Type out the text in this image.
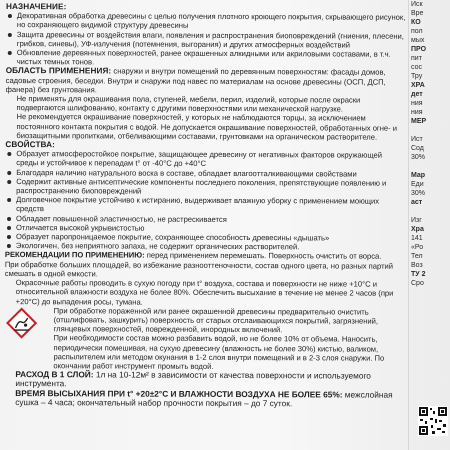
НАЗНАЧЕНИЕ:
Декоративная обработка древесины с целью получения плотного кроющего покрытия, скрывающего рисунок, но сохраняющего видимой структуру древесины
Защита древесины от воздействия влаги, появления и распространения биоповреждений (гниения, плесени, грибков, синевы), УФ-излучения (потемнения, выгорания) и других атмосферных воздействий
Обновление деревянных поверхностей, ранее окрашенных алкидными или акриловыми составами, в т.ч. чистых темных тонов.

ОБЛАСТЬ ПРИМЕНЕНИЯ: снаружи и внутри помещений по деревянным поверхностям: фасады домов, садовые строения, беседки. Внутри и снаружи под навес по материалам на основе древесины (ОСП, ДСП, фанера) без грунтования.

Не применять для окрашивания пола, ступеней, мебели, перил, изделий, которые после окраски подвергаются шлифованию, контакту с другими поверхностями или механической нагрузке.

Не рекомендуется окрашивание поверхностей, у которых не наблюдаются торцы, за исключением постоянного контакта покрытия с водой. Не допускается окрашивание поверхностей, обработанных огне- и биозащитными пропитками, отбеливающими составами, грунтовками на органическом растворителе.

СВОЙСТВА:
Образует атмосферостойкое покрытие, защищающее древесину от негативных факторов окружающей среды и устойчивое к перепадам t° от -40°С до +40°С
Благодаря наличию натурального воска в составе, обладает влагоотталкивающими свойствами
Содержит активные антисептические компоненты последнего поколения, препятствующие появлению и распространению биоповреждений
Долговечное покрытие устойчиво к истиранию, выдерживает влажную уборку с применением моющих средств
Обладает повышенной эластичностью, не растрескивается
Отличается высокой укрывистостью
Образует паропроницаемое покрытие, сохраняющее способность древесины «дышать»
Экологичен, без неприятного запаха, не содержит органических растворителей.

РЕКОМЕНДАЦИИ ПО ПРИМЕНЕНИЮ: перед применением перемешать. Поверхность очистить от ворса.

При обработке больших площадей, во избежание разнооттеночности, состав одного цвета, но разных партий смешать в одной емкости.

Окрасочные работы проводить в сухую погоду при t° воздуха, состава и поверхности не ниже +10°С и относительной влажности воздуха не более 80%. Обеспечить высыхание в течение не менее 2 часов (при +20°С) до выпадения росы, тумана.

При обработке пораженной или ранее окрашенной древесины предварительно очистить (отшлифовать, зашкурить) поверхность от старых отслаивающихся покрытий, загрязнений, глянцевых поверхностей, поврежденной, инородных включений.

При необходимости состав можно разбавить водой, но не более 10% от объема. Наносить, периодически помешивая, на сухую древесину (влажность не более 30%) кистью, валиком, распылителем или методом окунания в 1-2 слоя внутри помещений и в 2-3 слоя снаружи. По окончании работ инструмент промыть водой.

РАСХОД В 1 СЛОЙ: 1л на 10-12м² в зависимости от качества поверхности и используемого инструмента.

ВРЕМЯ ВЫСЫХАНИЯ ПРИ t° +20±2°С И ВЛАЖНОСТИ ВОЗДУХА НЕ БОЛЕЕ 65%: межслойная сушка – 4 часа; окончательный набор прочности покрытия – до 7 суток.

Иск
Вре
КО
пол
мых
ПРО
пит
сос
Тру
ХРА
дет
ния
ния
МЕР
Ист
Сод
30%
Мар
Еди
30%
аст
Изг
Хра
141
«Ро
Тел
Воз
ТУ 2
Сро
